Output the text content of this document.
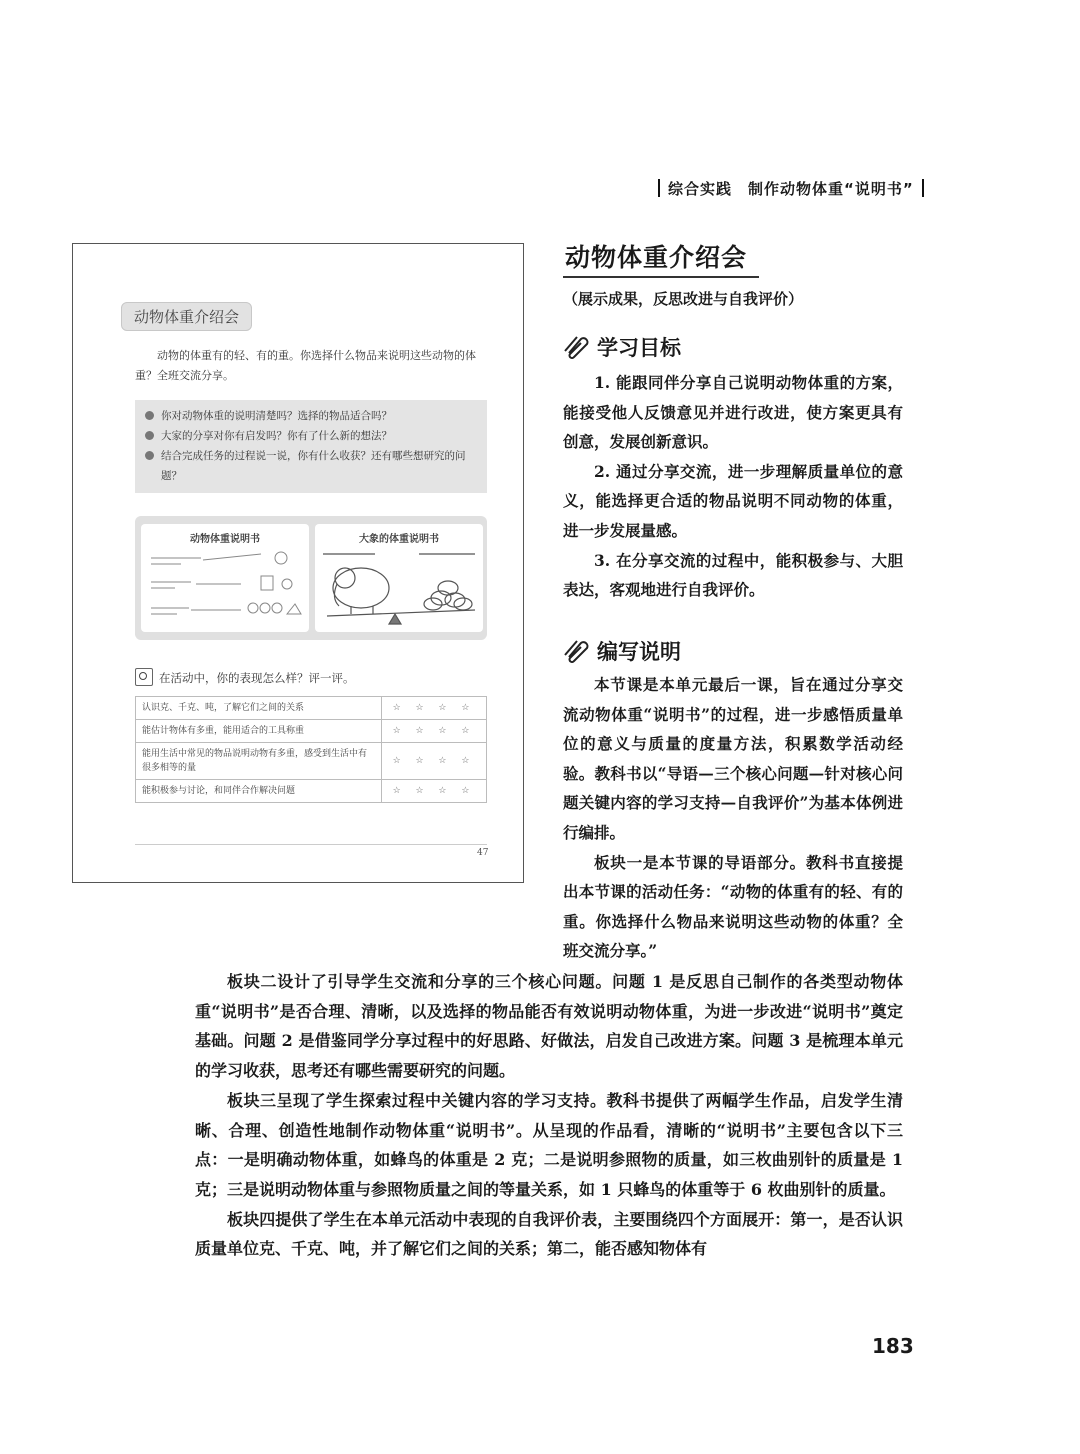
综合实践　制作动物体重“说明书”
动物体重介绍会
动物的体重有的轻、有的重。你选择什么物品来说明这些动物的体重？全班交流分享。
你对动物体重的说明清楚吗？选择的物品适合吗？
大家的分享对你有启发吗？你有了什么新的想法？
结合完成任务的过程说一说，你有什么收获？还有哪些想研究的问题？
动物体重说明书	大象的体重说明书
在活动中，你的表现怎么样？评一评。
认识克、千克、吨，了解它们之间的关系	☆ ☆ ☆ ☆
能估计物体有多重，能用适合的工具称重	☆ ☆ ☆ ☆
能用生活中常见的物品说明动物有多重，感受到生活中有很多相等的量	☆ ☆ ☆ ☆
能积极参与讨论，和同伴合作解决问题	☆ ☆ ☆ ☆
47
动物体重介绍会
（展示成果，反思改进与自我评价）
学习目标

1. 能跟同伴分享自己说明动物体重的方案，能接受他人反馈意见并进行改进，使方案更具有创意，发展创新意识。

2. 通过分享交流，进一步理解质量单位的意义，能选择更合适的物品说明不同动物的体重，进一步发展量感。

3. 在分享交流的过程中，能积极参与、大胆表达，客观地进行自我评价。

编写说明

本节课是本单元最后一课，旨在通过分享交流动物体重“说明书”的过程，进一步感悟质量单位的意义与质量的度量方法，积累数学活动经验。教科书以“导语—三个核心问题—针对核心问题关键内容的学习支持—自我评价”为基本体例进行编排。

板块一是本节课的导语部分。教科书直接提出本节课的活动任务：“动物的体重有的轻、有的重。你选择什么物品来说明这些动物的体重？全班交流分享。”

板块二设计了引导学生交流和分享的三个核心问题。问题 1 是反思自己制作的各类型动物体重“说明书”是否合理、清晰，以及选择的物品能否有效说明动物体重，为进一步改进“说明书”奠定基础。问题 2 是借鉴同学分享过程中的好思路、好做法，启发自己改进方案。问题 3 是梳理本单元的学习收获，思考还有哪些需要研究的问题。

板块三呈现了学生探索过程中关键内容的学习支持。教科书提供了两幅学生作品，启发学生清晰、合理、创造性地制作动物体重“说明书”。从呈现的作品看，清晰的“说明书”主要包含以下三点：一是明确动物体重，如蜂鸟的体重是 2 克；二是说明参照物的质量，如三枚曲别针的质量是 1 克；三是说明动物体重与参照物质量之间的等量关系，如 1 只蜂鸟的体重等于 6 枚曲别针的质量。

板块四提供了学生在本单元活动中表现的自我评价表，主要围绕四个方面展开：第一，是否认识质量单位克、千克、吨，并了解它们之间的关系；第二，能否感知物体有

183
